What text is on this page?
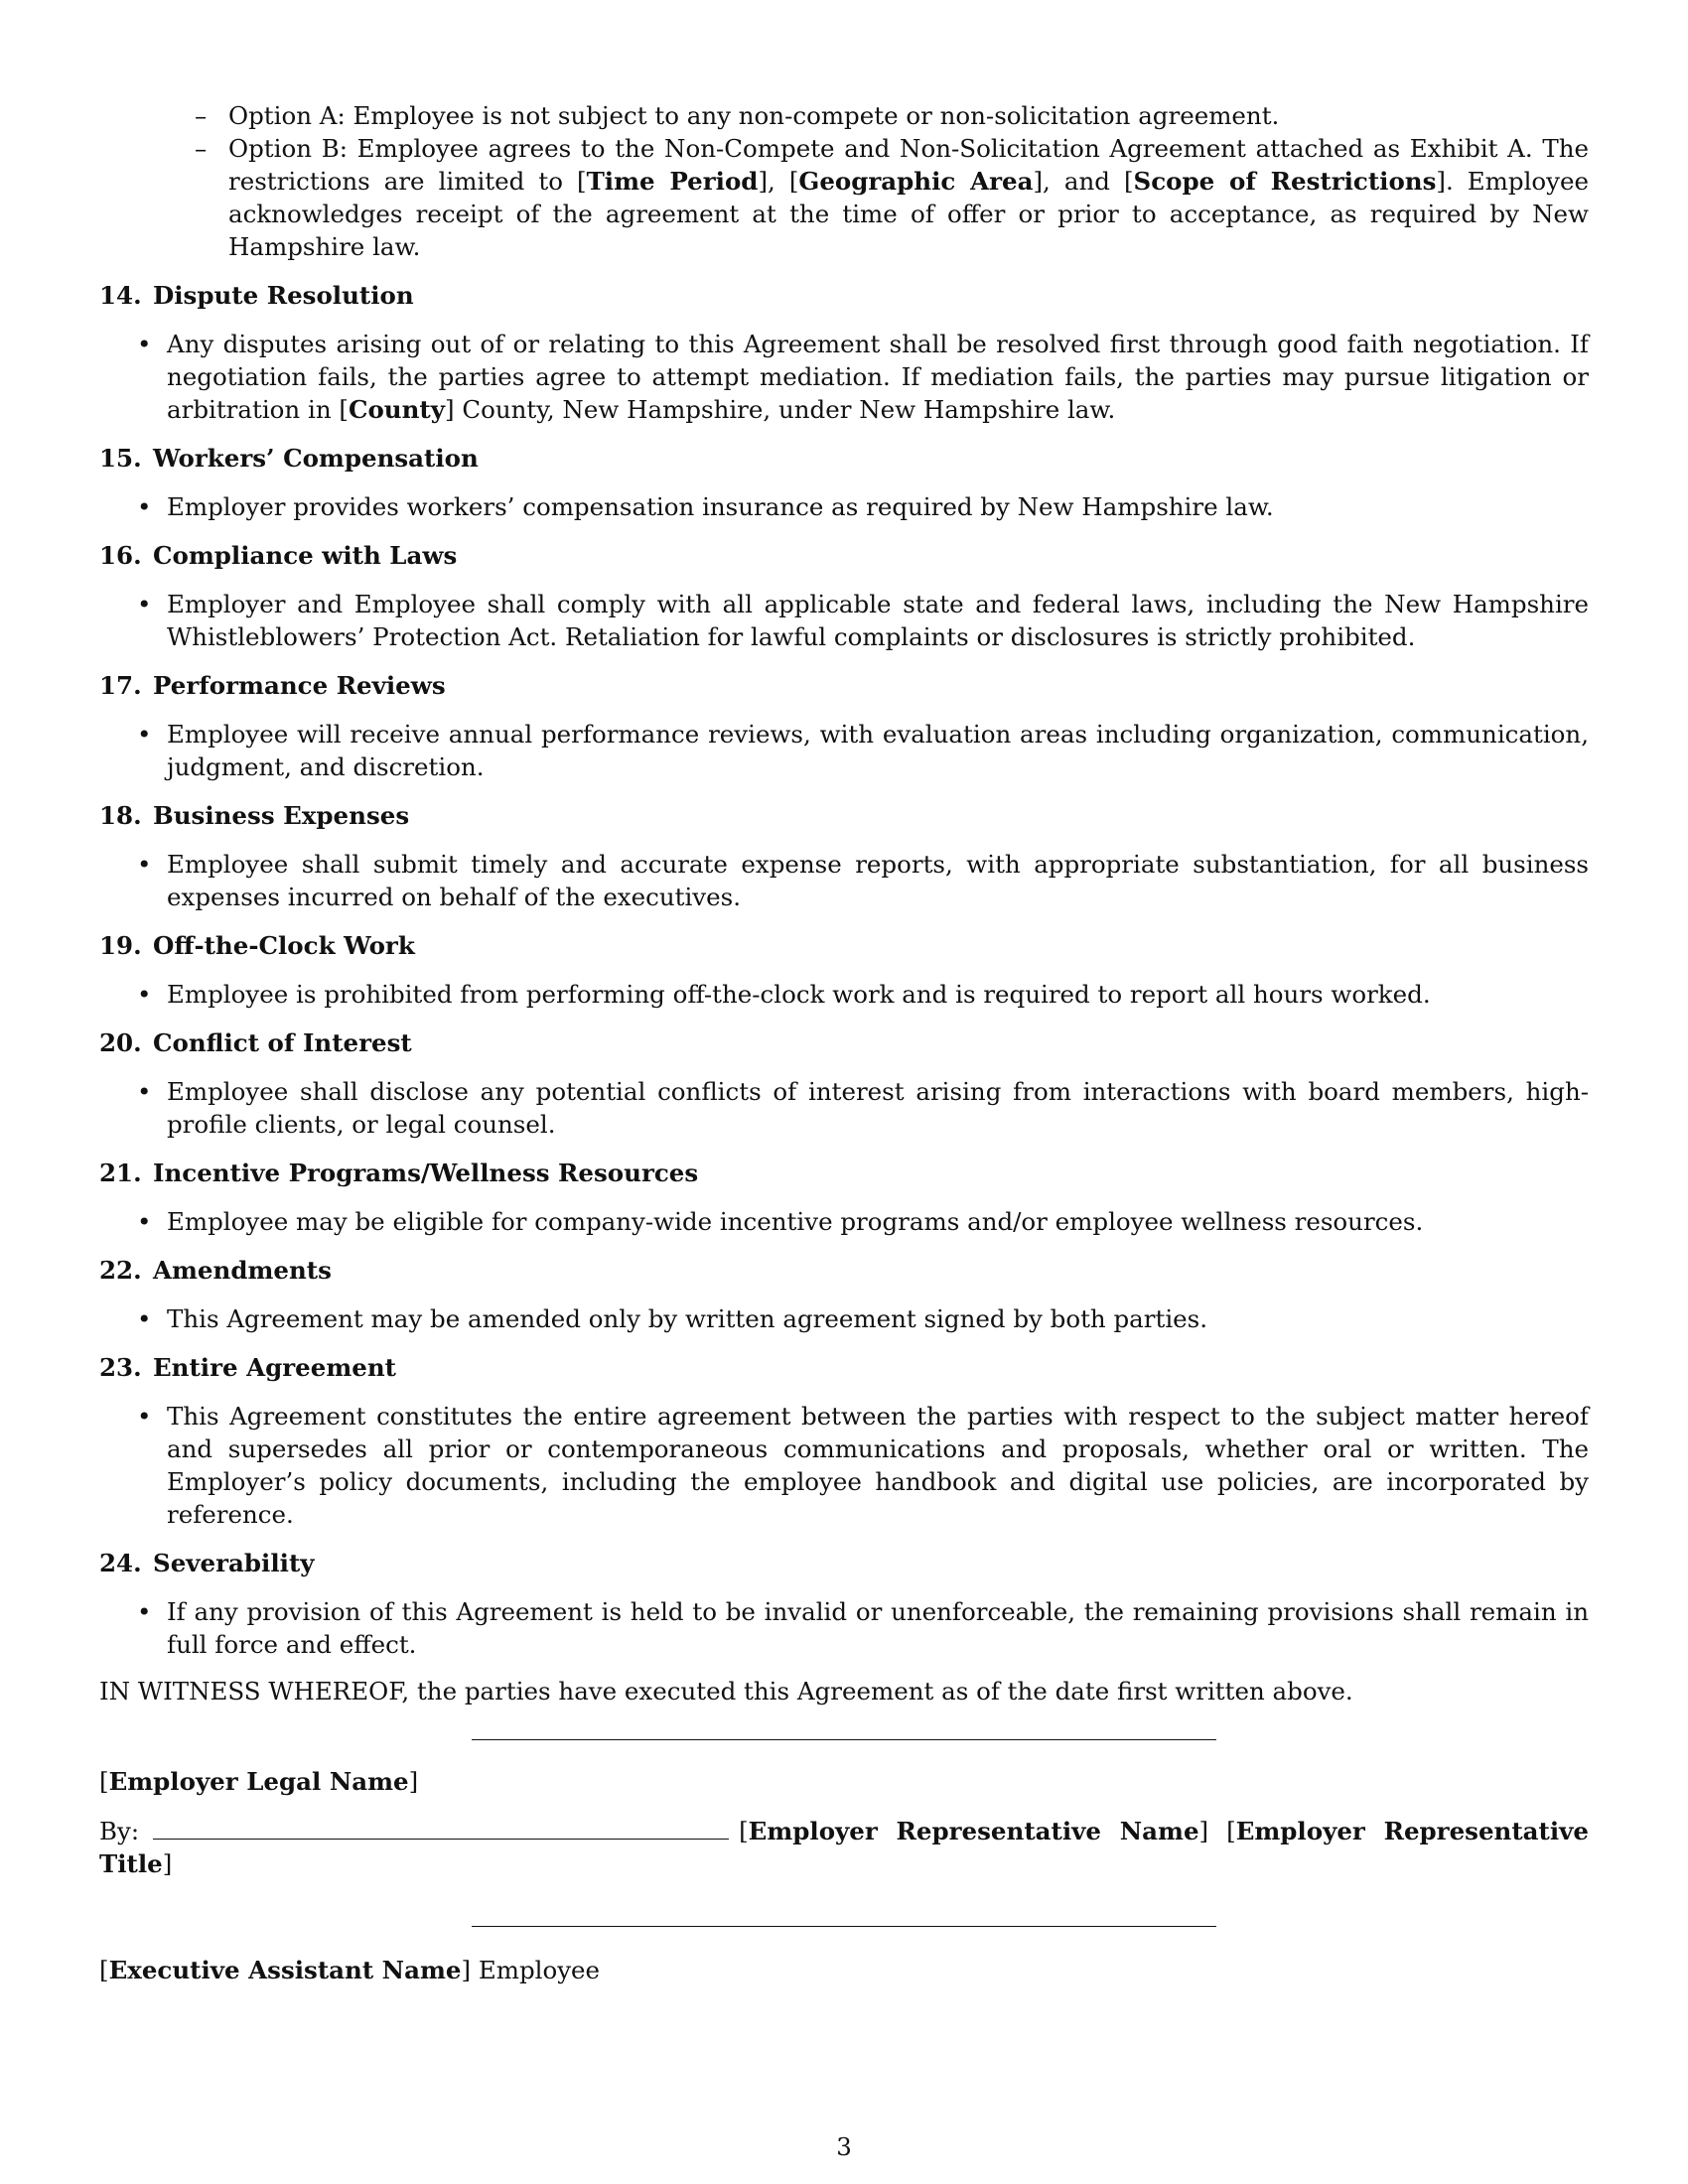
– Option A: Employee is not subject to any non-compete or non-solicitation agreement.

– Option B: Employee agrees to the Non-Compete and Non-Solicitation Agreement attached as Exhibit A. The restrictions are limited to [Time Period], [Geographic Area], and [Scope of Restrictions]. Employee acknowledges receipt of the agreement at the time of offer or prior to acceptance, as required by New Hampshire law.

14. Dispute Resolution

• Any disputes arising out of or relating to this Agreement shall be resolved first through good faith negotiation. If negotiation fails, the parties agree to attempt mediation. If mediation fails, the parties may pursue litigation or arbitration in [County] County, New Hampshire, under New Hampshire law.

15. Workers’ Compensation

• Employer provides workers’ compensation insurance as required by New Hampshire law.

16. Compliance with Laws

• Employer and Employee shall comply with all applicable state and federal laws, including the New Hampshire Whistleblowers’ Protection Act. Retaliation for lawful complaints or disclosures is strictly prohibited.

17. Performance Reviews

• Employee will receive annual performance reviews, with evaluation areas including organization, communication, judgment, and discretion.

18. Business Expenses

• Employee shall submit timely and accurate expense reports, with appropriate substantiation, for all business expenses incurred on behalf of the executives.

19. Off-the-Clock Work

• Employee is prohibited from performing off-the-clock work and is required to report all hours worked.

20. Conflict of Interest

• Employee shall disclose any potential conflicts of interest arising from interactions with board members, high-profile clients, or legal counsel.

21. Incentive Programs/Wellness Resources

• Employee may be eligible for company-wide incentive programs and/or employee wellness resources.

22. Amendments

• This Agreement may be amended only by written agreement signed by both parties.

23. Entire Agreement

• This Agreement constitutes the entire agreement between the parties with respect to the subject matter hereof and supersedes all prior or contemporaneous communications and proposals, whether oral or written. The Employer’s policy documents, including the employee handbook and digital use policies, are incorporated by reference.

24. Severability

• If any provision of this Agreement is held to be invalid or unenforceable, the remaining provisions shall remain in full force and effect.

IN WITNESS WHEREOF, the parties have executed this Agreement as of the date first written above.

[Employer Legal Name]
By:	[Employer Representative Name] [Employer Representative Title]
[Executive Assistant Name] Employee
3
